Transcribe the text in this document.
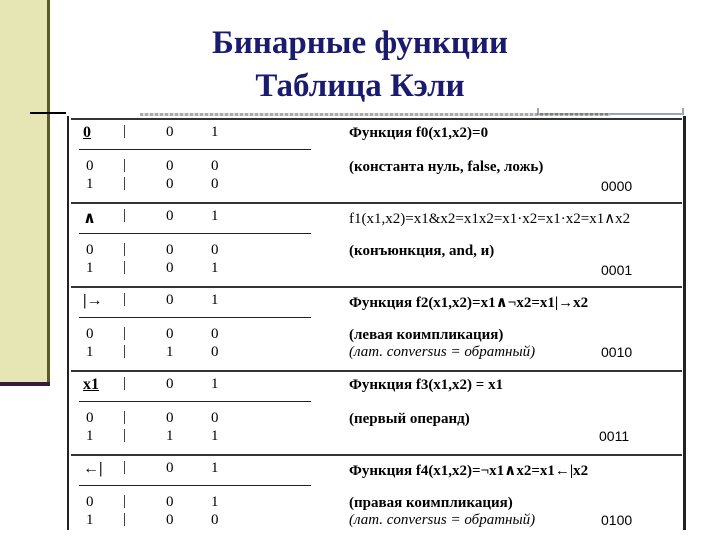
Бинарные функции
Таблица Кэли
0 |	0	1	Функция f0(x1,x2)=0
0 |	0	0	(константа нуль, false, ложь)
1 |	0	0	0000
∧ |	0	1	f1(x1,x2)=x1&x2=x1x2=x1·x2=x1·x2=x1∧x2
0 |	0	0	(конъюнкция, and, и)
1 |	0	1	0001
|→ |	0	1	Функция f2(x1,x2)=x1∧¬x2=x1|→x2
0 |	0	0	(левая коимпликация)
1 |	1	0	(лат. conversus = обратный)	0010
x1 |	0	1	Функция f3(x1,x2) = x1
0 |	0	0	(первый операнд)
1 |	1	1	0011
←| |	0	1	Функция f4(x1,x2)=¬x1∧x2=x1←|x2
0 |	0	1	(правая коимпликация)
1 |	0	0	(лат. conversus = обратный)	0100
